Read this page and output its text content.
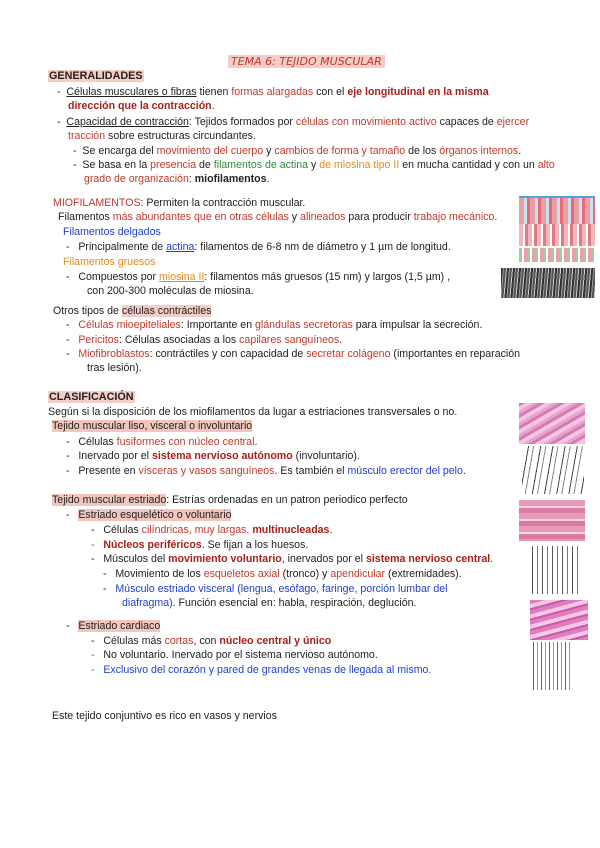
TEMA 6: TEJIDO MUSCULAR
GENERALIDADES
-  Células musculares o fibras tienen formas alargadas con el eje longitudinal en la misma
dirección que la contracción.
-  Capacidad de contracción: Tejidos formados por células con movimiento activo capaces de ejercer
tracción sobre estructuras circundantes.
-  Se encarga del movimiento del cuerpo y cambios de forma y tamaño de los órganos internos.
-  Se basa en la presencia de filamentos de actina y de miosina tipo II en mucha cantidad y con un alto
grado de organización: miofilamentos.
MIOFILAMENTOS: Permiten la contracción muscular.
Filamentos más abundantes que en otras células y alineados para producir trabajo mecánico.
Filamentos delgados
-   Principalmente de actina: filamentos de 6-8 nm de diámetro y 1 µm de longitud.
Filamentos gruesos
-   Compuestos por miosina II: filamentos más gruesos (15 nm) y largos (1,5 µm) ,
con 200-300 moléculas de miosina.
Otros tipos de células contráctiles
-   Células mioepiteliales: Importante en glándulas secretoras para impulsar la secreción.
-   Pericitos: Células asociadas a los capilares sanguíneos.
-   Miofibroblastos: contráctiles y con capacidad de secretar colágeno (importantes en reparación
tras lesión).
CLASIFICACIÓN
Según si la disposición de los miofilamentos da lugar a estriaciones transversales o no.
Tejido muscular liso, visceral o involuntario
-   Células fusiformes con núcleo central.
-   Inervado por el sistema nervioso autónomo (involuntario).
-   Presente en vísceras y vasos sanguíneos. Es también el músculo erector del pelo.
Tejido muscular estriado: Estrías ordenadas en un patron periodico perfecto
-   Estriado esquelético o voluntario
-   Células cilíndricas, muy largas, multinucleadas.
-   Núcleos periféricos. Se fijan a los huesos.
-   Músculos del movimiento voluntario, inervados por el sistema nervioso central.
-   Movimiento de los esqueletos axial (tronco) y apendicular (extremidades).
-   Músculo estriado visceral (lengua, esófago, faringe, porción lumbar del
diafragma). Función esencial en: habla, respiración, deglución.
-   Estriado cardiaco
-   Células más cortas, con núcleo central y único
-   No voluntario. Inervado por el sistema nervioso autónomo.
-   Exclusivo del corazón y pared de grandes venas de llegada al mismo.
Este tejido conjuntivo es rico en vasos y nervios
